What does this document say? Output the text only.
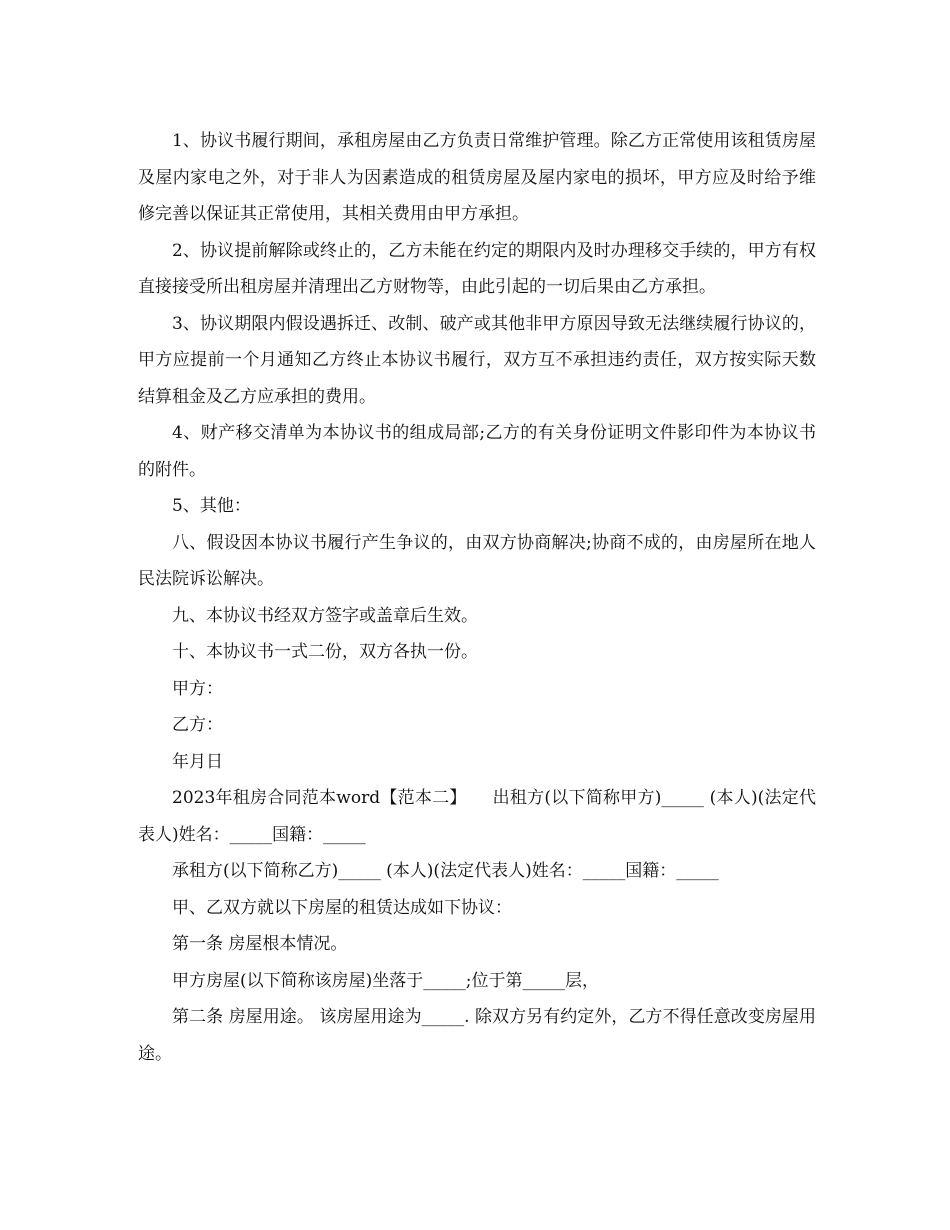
1、协议书履行期间，承租房屋由乙方负责日常维护管理。除乙方正常使用该租赁房屋及屋内家电之外，对于非人为因素造成的租赁房屋及屋内家电的损坏，甲方应及时给予维修完善以保证其正常使用，其相关费用由甲方承担。

2、协议提前解除或终止的，乙方未能在约定的期限内及时办理移交手续的，甲方有权直接接受所出租房屋并清理出乙方财物等，由此引起的一切后果由乙方承担。

3、协议期限内假设遇拆迁、改制、破产或其他非甲方原因导致无法继续履行协议的，甲方应提前一个月通知乙方终止本协议书履行，双方互不承担违约责任，双方按实际天数结算租金及乙方应承担的费用。

4、财产移交清单为本协议书的组成局部;乙方的有关身份证明文件影印件为本协议书的附件。

5、其他：

八、假设因本协议书履行产生争议的，由双方协商解决;协商不成的，由房屋所在地人民法院诉讼解决。

九、本协议书经双方签字或盖章后生效。

十、本协议书一式二份，双方各执一份。

甲方：

乙方：

年月日

2023年租房合同范本word【范本二】　　出租方(以下简称甲方)_____ (本人)(法定代表人)姓名：_____国籍：_____

承租方(以下简称乙方)_____ (本人)(法定代表人)姓名：_____国籍：_____

甲、乙双方就以下房屋的租赁达成如下协议：

第一条 房屋根本情况。

甲方房屋(以下简称该房屋)坐落于_____;位于第_____层，

第二条 房屋用途。 该房屋用途为_____. 除双方另有约定外，乙方不得任意改变房屋用途。
